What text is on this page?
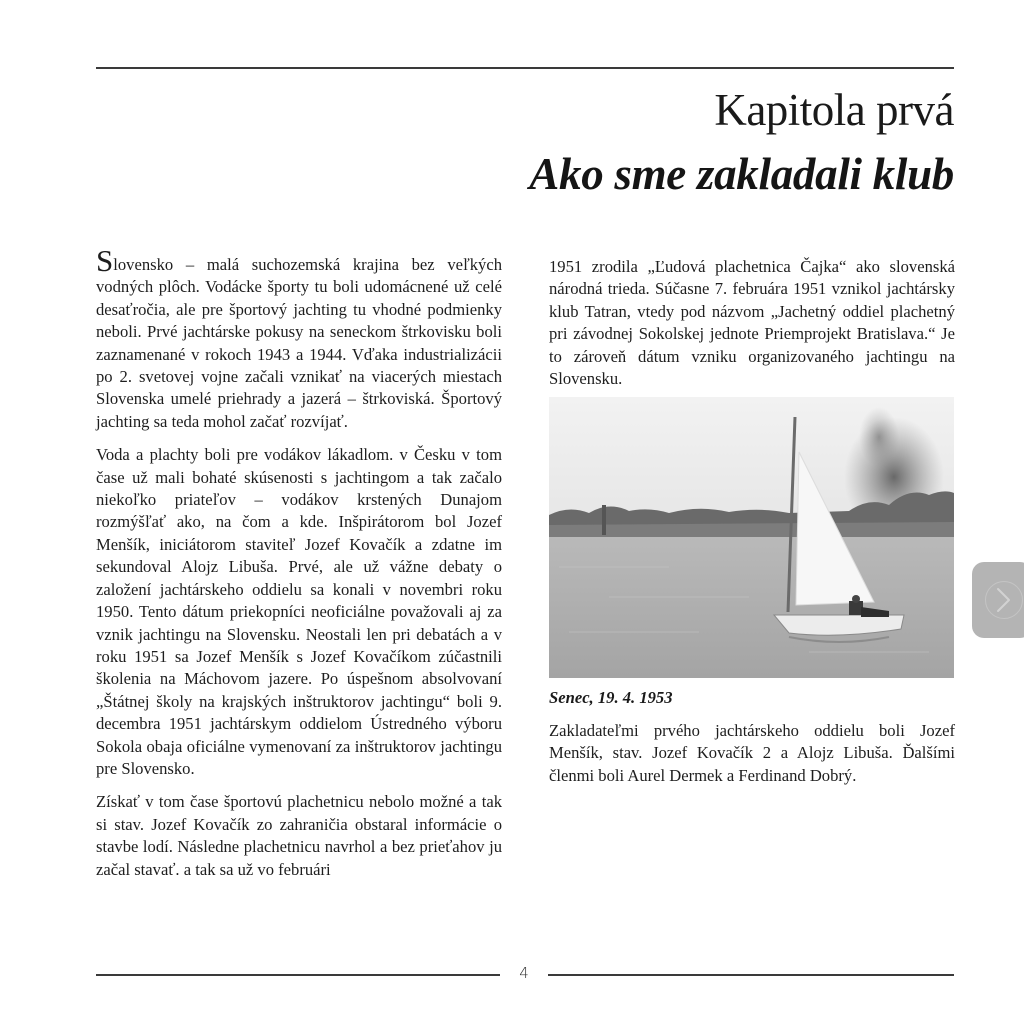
Kapitola prvá
Ako sme zakladali klub

Slovensko – malá suchozemská krajina bez veľkých vodných plôch. Vodácke športy tu boli udomácnené už celé desaťročia, ale pre športový jachting tu vhodné podmienky neboli. Prvé jachtárske pokusy na seneckom štrkovisku boli zaznamenané v rokoch 1943 a 1944. Vďaka industrializácii po 2. svetovej vojne začali vznikať na viacerých miestach Slovenska umelé priehrady a jazerá – štrkoviská. Športový jachting sa teda mohol začať rozvíjať.

Voda a plachty boli pre vodákov lákadlom. v Česku v tom čase už mali bohaté skúsenosti s jachtingom a tak začalo niekoľko priateľov – vodákov krstených Dunajom rozmýšľať ako, na čom a kde. Inšpirátorom bol Jozef Menšík, iniciátorom staviteľ Jozef Kovačík a zdatne im sekundoval Alojz Libuša. Prvé, ale už vážne debaty o založení jachtárskeho oddielu sa konali v novembri roku 1950. Tento dátum priekopníci neoficiálne považovali aj za vznik jachtingu na Slovensku. Neostali len pri debatách a v roku 1951 sa Jozef Menšík s Jozef Kovačíkom zúčastnili školenia na Máchovom jazere. Po úspešnom absolvovaní „Štátnej školy na krajských inštruktorov jachtingu“ boli 9. decembra 1951 jachtárskym oddielom Ústredného výboru Sokola obaja oficiálne vymenovaní za inštruktorov jachtingu pre Slovensko.

Získať v tom čase športovú plachetnicu nebolo možné a tak si stav. Jozef Kovačík zo zahraničia obstaral informácie o stavbe lodí. Následne plachetnicu navrhol a bez prieťahov ju začal stavať. a tak sa už vo februári

1951 zrodila „Ľudová plachetnica Čajka“ ako slovenská národná trieda. Súčasne 7. februára 1951 vznikol jachtársky klub Tatran, vtedy pod názvom „Jachetný oddiel plachetný pri závodnej Sokolskej jednote Priemprojekt Bratislava.“ Je to zároveň dátum vzniku organizovaného jachtingu na Slovensku.

Senec, 19. 4. 1953

Zakladateľmi prvého jachtárskeho oddielu boli Jozef Menšík, stav. Jozef Kovačík 2 a Alojz Libuša. Ďalšími členmi boli Aurel Dermek a Ferdinand Dobrý.

4
